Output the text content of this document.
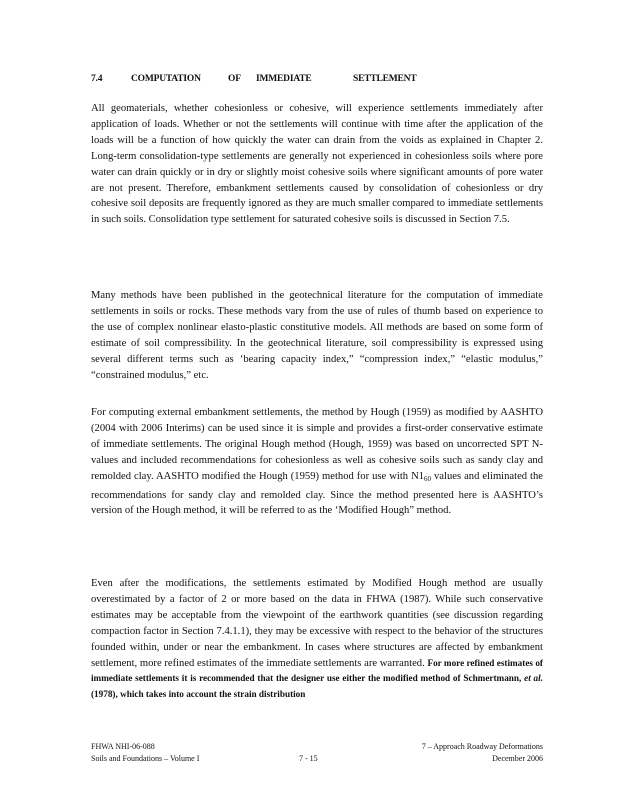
7.4	COMPUTATION	OF	IMMEDIATE	SETTLEMENT

All geomaterials, whether cohesionless or cohesive, will experience settlements immediately after application of loads. Whether or not the settlements will continue with time after the application of the loads will be a function of how quickly the water can drain from the voids as explained in Chapter 2. Long-term consolidation-type settlements are generally not experienced in cohesionless soils where pore water can drain quickly or in dry or slightly moist cohesive soils where significant amounts of pore water are not present. Therefore, embankment settlements caused by consolidation of cohesionless or dry cohesive soil deposits are frequently ignored as they are much smaller compared to immediate settlements in such soils. Consolidation type settlement for saturated cohesive soils is discussed in Section 7.5.

Many methods have been published in the geotechnical literature for the computation of immediate settlements in soils or rocks. These methods vary from the use of rules of thumb based on experience to the use of complex nonlinear elasto-plastic constitutive models. All methods are based on some form of estimate of soil compressibility. In the geotechnical literature, soil compressibility is expressed using several different terms such as ‘bearing capacity index,” “compression index,” “elastic modulus,” “constrained modulus,” etc.

For computing external embankment settlements, the method by Hough (1959) as modified by AASHTO (2004 with 2006 Interims) can be used since it is simple and provides a first-order conservative estimate of immediate settlements. The original Hough method (Hough, 1959) was based on uncorrected SPT N-values and included recommendations for cohesionless as well as cohesive soils such as sandy clay and remolded clay. AASHTO modified the Hough (1959) method for use with $N1_{60}$ values and eliminated the recommendations for sandy clay and remolded clay. Since the method presented here is AASHTO’s version of the Hough method, it will be referred to as the ‘Modified Hough” method.

Even after the modifications, the settlements estimated by Modified Hough method are usually overestimated by a factor of 2 or more based on the data in FHWA (1987). While such conservative estimates may be acceptable from the viewpoint of the earthwork quantities (see discussion regarding compaction factor in Section 7.4.1.1), they may be excessive with respect to the behavior of the structures founded within, under or near the embankment. In cases where structures are affected by embankment settlement, more refined estimates of the immediate settlements are warranted. For more refined estimates of immediate settlements it is recommended that the designer use either the modified method of Schmertmann, et al. (1978), which takes into account the strain distribution

FHWA NHI-06-088	7 – Approach Roadway Deformations
Soils and Foundations – Volume I	7 - 15	December 2006
